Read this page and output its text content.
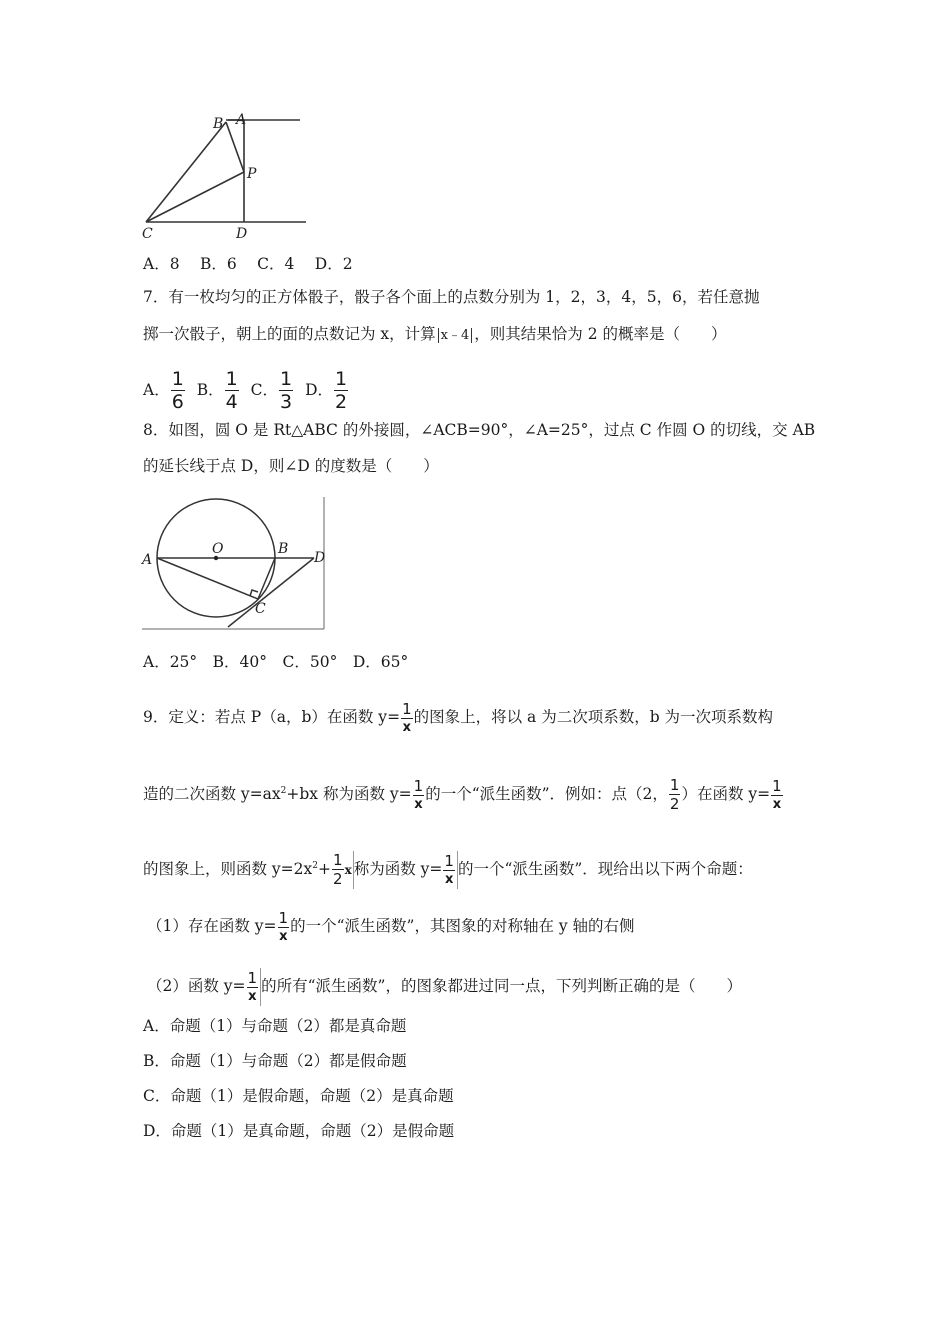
B A
P
C	D
A．8　 B．6　 C．4　 D．2
7．有一枚均匀的正方体骰子，骰子各个面上的点数分别为 1，2，3，4，5，6，若任意抛
掷一次骰子，朝上的面的点数记为 x，计算 x﹣4 ，则其结果恰为 2 的概率是（　　）
A． $\frac{1}{6}$ B． $\frac{1}{4}$ C． $\frac{1}{3}$ D． $\frac{1}{2}$
8．如图，圆 O 是 Rt△ABC 的外接圆，∠ACB=90°，∠A=25°，过点 C 作圆 O 的切线，交 AB
的延长线于点 D，则∠D 的度数是（　　）
A
O	B
D
C
A．25°　B．40°　C．50°　D．65°
9．定义：若点 P（a，b）在函数 $y= \frac{1}{x}$ 的图象上，将以 a 为二次项系数，b 为一次项系数构
造的二次函数 $y=ax^2+bx$ 称为函数 $y= \frac{1}{x}$ 的一个“派生函数”．例如：点（2， $\frac{1}{2}$ ）在函数 $y= \frac{1}{x}$
的图象上，则函数 $y=2x^2+ \frac{1}{2}$ x 称为函数 $y= \frac{1}{x}$ 的一个“派生函数”．现给出以下两个命题：
（1）存在函数 $y= \frac{1}{x}$ 的一个“派生函数”，其图象的对称轴在 y 轴的右侧
（2）函数 $y= \frac{1}{x}$ 的所有“派生函数”，的图象都进过同一点，下列判断正确的是（　　）
A．命题（1）与命题（2）都是真命题
B．命题（1）与命题（2）都是假命题
C．命题（1）是假命题，命题（2）是真命题
D．命题（1）是真命题，命题（2）是假命题
